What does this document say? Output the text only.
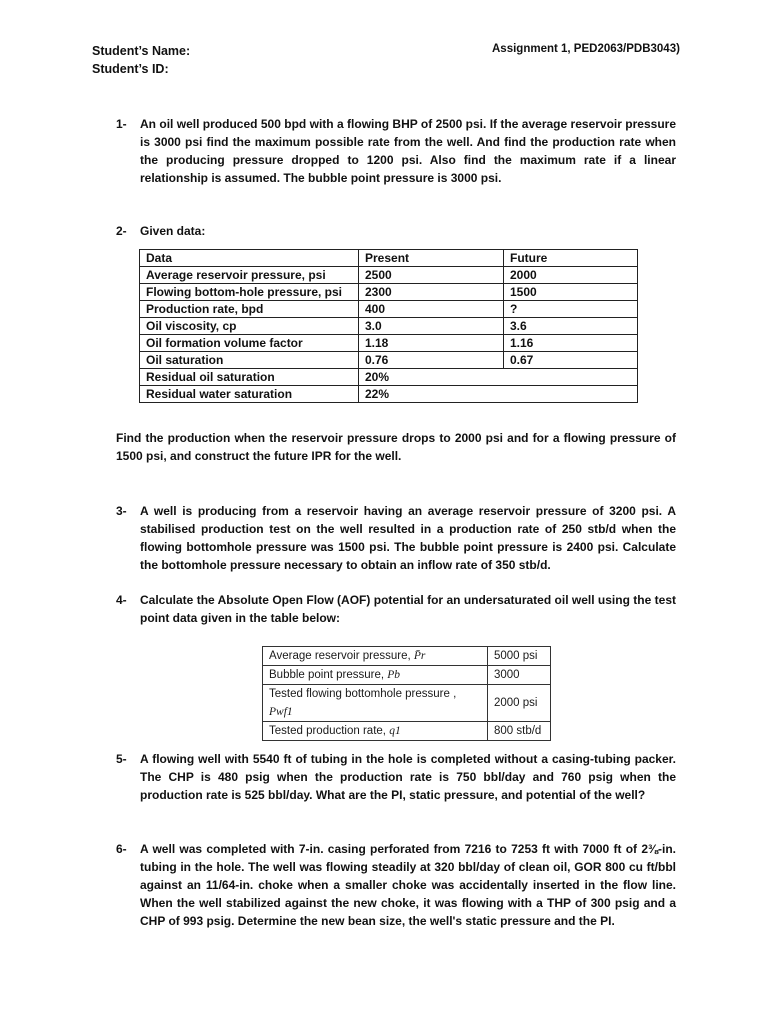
Student’s Name:
Student’s ID:
Assignment 1, PED2063/PDB3043)
1- An oil well produced 500 bpd with a flowing BHP of 2500 psi. If the average reservoir pressure is 3000 psi find the maximum possible rate from the well. And find the production rate when the producing pressure dropped to 1200 psi. Also find the maximum rate if a linear relationship is assumed. The bubble point pressure is 3000 psi.
2- Given data:
Data	Present	Future
Average reservoir pressure, psi	2500	2000
Flowing bottom-hole pressure, psi	2300	1500
Production rate, bpd	400	?
Oil viscosity, cp	3.0	3.6
Oil formation volume factor	1.18	1.16
Oil saturation	0.76	0.67
Residual oil saturation	20%	
Residual water saturation	22%	
Find the production when the reservoir pressure drops to 2000 psi and for a flowing pressure of 1500 psi, and construct the future IPR for the well.
3- A well is producing from a reservoir having an average reservoir pressure of 3200 psi. A stabilised production test on the well resulted in a production rate of 250 stb/d when the flowing bottomhole pressure was 1500 psi. The bubble point pressure is 2400 psi. Calculate the bottomhole pressure necessary to obtain an inflow rate of 350 stb/d.
4- Calculate the Absolute Open Flow (AOF) potential for an undersaturated oil well using the test point data given in the table below:
Average reservoir pressure, P̄r	5000 psi
Bubble point pressure, Pb	3000
Tested flowing bottomhole pressure , Pwf1	2000 psi
Tested production rate, q1	800 stb/d
5- A flowing well with 5540 ft of tubing in the hole is completed without a casing-tubing packer. The CHP is 480 psig when the production rate is 750 bbl/day and 760 psig when the production rate is 525 bbl/day. What are the PI, static pressure, and potential of the well?
6- A well was completed with 7-in. casing perforated from 7216 to 7253 ft with 7000 ft of 2⅜-in. tubing in the hole. The well was flowing steadily at 320 bbl/day of clean oil, GOR 800 cu ft/bbl against an 11/64-in. choke when a smaller choke was accidentally inserted in the flow line. When the well stabilized against the new choke, it was flowing with a THP of 300 psig and a CHP of 993 psig. Determine the new bean size, the well's static pressure and the PI.
